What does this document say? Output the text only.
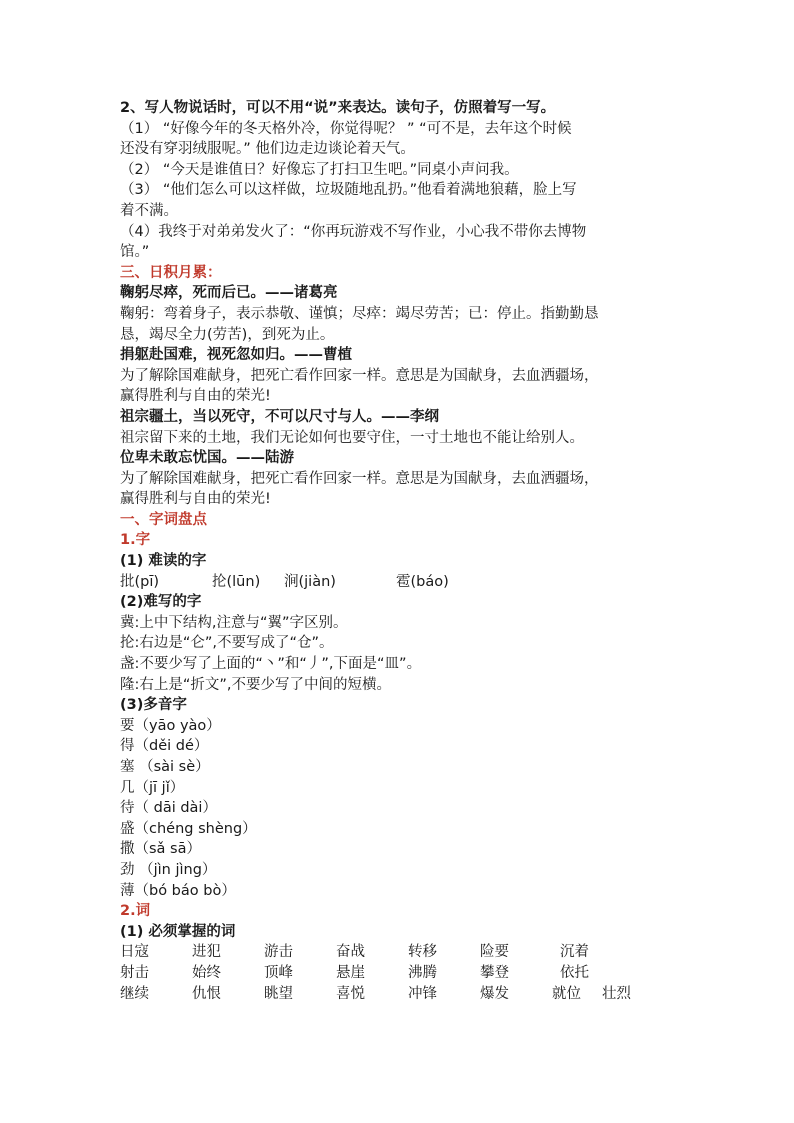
2、写人物说话时，可以不用“说”来表达。读句子，仿照着写一写。
（1） “好像今年的冬天格外冷，你觉得呢？ ” “可不是，去年这个时候
还没有穿羽绒服呢。” 他们边走边谈论着天气。
（2） “今天是谁值日？好像忘了打扫卫生吧。”同桌小声问我。
（3） “他们怎么可以这样做，垃圾随地乱扔。”他看着满地狼藉，脸上写
着不满。
（4）我终于对弟弟发火了：“你再玩游戏不写作业，小心我不带你去博物
馆。”
三、日积月累：
鞠躬尽瘁，死而后已。——诸葛亮
鞠躬：弯着身子，表示恭敬、谨慎；尽瘁：竭尽劳苦；已：停止。指勤勤恳
恳，竭尽全力(劳苦)，到死为止。
捐躯赴国难，视死忽如归。——曹植
为了解除国难献身，把死亡看作回家一样。意思是为国献身，去血洒疆场，
赢得胜利与自由的荣光!
祖宗疆土，当以死守，不可以尺寸与人。——李纲
祖宗留下来的土地，我们无论如何也要守住，一寸土地也不能让给别人。
位卑未敢忘忧国。——陆游
为了解除国难献身，把死亡看作回家一样。意思是为国献身，去血洒疆场，
赢得胜利与自由的荣光!
一、字词盘点
1.字
(1) 难读的字
批(pī)	抡(lūn)	涧(jiàn)	雹(báo)
(2)难写的字
冀:上中下结构,注意与“翼”字区别。
抡:右边是“仑”,不要写成了“仓”。
盏:不要少写了上面的“丶”和“丿”,下面是“皿”。
隆:右上是“折文”,不要少写了中间的短横。
(3)多音字
要（yāo yào）
得（děi dé）
塞 （sài sè）
几（jī jǐ）
待（ dāi dài）
盛（chéng shèng）
撒（sǎ sā）
劲 （jìn jìng）
薄（bó báo bò）
2.词
(1) 必须掌握的词
日寇	进犯	游击	奋战	转移	险要	沉着
射击	始终	顶峰	悬崖	沸腾	攀登	依托
继续	仇恨	眺望	喜悦	冲锋	爆发	就位	壮烈
